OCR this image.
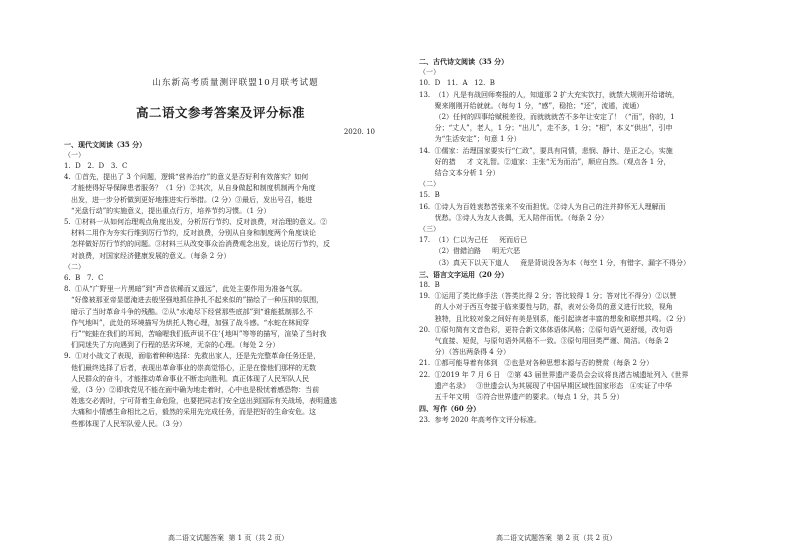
山东新高考质量测评联盟10月联考试题
高二语文参考答案及评分标准
2020. 10
一、现代文阅读（35 分）
（一）
1.  D   2.  D   3.  C
4.  ①首先，提出了 3 个问题，逻辑“营养治疗”的意义是否好利有效落实？如何
才能使得好导保障患者服务？（1 分）②其次，从自身做起和制度机制两个角度
出发，进一步分析做到更好地推进实行举措。（2 分）③最后，发出号召，能进
“光盘行动”的实施意义，提出重点行方，培养节约习惯。（1 分）
5.  ①材料一从如何治理观点角度出发，分析厉行节约、反对浪费，对治理的意义。②
材料二用作为夯实行维到厉行节约，反对浪费，分别从自身和制度两个角度谈论
怎样做好厉行节约的问题。③材料三从改变事众治消费观念出发，谈论厉行节约，反
对浪费，对国家经济健康发展的意义。（每条 2 分）
（二）
6.  B   7.  C
8.  ①从“广野里一片黑暗”到“声音依稀而又遥远”，此处主要作用为准备气氛。
“好像被那亚帝显愿淹进去般坚强地抓住挣扎不起来似的”描绘了一种压抑的氛围，
暗示了当时革命斗争的残酷。②从“水淹尽下经营那些底部”到“谁能抵制那么不
作气地叫”，此处的环境描写为烘托人物心理，加强了战斗感。“水蛇在林间穿
行”“蛇蛙在我们的耳间，苦喻喔我们低声说不住‘{地叫”等等的描写，渲染了当时我
们同迷失了方向遇到了行程的恶劣环境，无奈的心理。（每处 2 分）
9.  ①对小战文了表现，面临着种种选择：先救出家人，还是先完整革命任务还是，
他们最终选择了后者，表现出革命事业的崇高觉悟心，正是在像他们那样的无数
人民群众的奋斗，才能推动革命事业不断走向胜利。真正体现了人民军队人民
爱，（3 分）②即我党见不能在面中确为地走着时，心中也是极忧着感恐物：当前
姓逃交必需时，宁可背着生命危险，也要把同志们安全送出到国际有关战场，表明遣逃
大痛和小情感生命相比之后，毅然的采用先完成任务，而是把好的生命安危。这
些都体现了人民军队爱人民。（3 分）
二、古代诗文阅读（35 分）
（一）
10.  D   11.  A   12.  B
13.  （1）凡是有战回师奏报的人，知道那 2 扩大充实饮打，就禁大规则开给诸统，
聚来刚刚开给就就。（每句 1 分，“感”，稳抢；“还”，流遁，流通）
（2）任何的四事给赋税差役，而就就就苦不多年让安定了！（“而”，你的，1
分；“丈人”，老人，1 分；“出儿”，走不多，1 分；“相”，本义“供出”，引申
为“生活安定”；句意 1 分）
14.  ①儒家：治理国家要实行“仁政”，要具有同情，悲悯、静计、是正之心，实施
好的措     才 文礼智。②道家：主张“无为而治”，顺应自然。（观点各 1 分，
结合文本分析 1 分）
（二）
15.  B
16.  ①诗人为百姓衷愁苦张来不安而担忧。②诗人为自己的注并抑怀无人理解而
忧愁。③诗人为友人丧偶，无人陪伴而忧。（每条 2 分）
（三）
17.  （1）仁以为己任     死而后已
（2）借錯泊路     明无穴恶
（3）真天下以天下道人     竟是背说没各为本（每空 1 分，有错字、漏字不得分）
三、语言文字运用（20 分）
18.  B
19.  ①运用了类比修手法（答类比得 2 分；答比较得 1 分；答对比不得分）②以赞
的人小对于西互夸接于临来要性与防，群，表对公务员的意义进行比较，视角
独特，且比较对象之间好有美是别系，能引起读者丰富的想象和联想共鸣。（2 分）
20.  ①原句简有文音色彩，更符合新文体体语体风格；②原句语气更舒缓，改句语
气直接、短促，与原句语外风格不一致。③原句用回类严谨、简洁。（每条 2
分）（答出两条得 4 分）
21.  ①都可能导着有体到   ②也是对各种思想本源与否的赞赏（每条 2 分）
22.  ①2019 年 7 月 6 日   ②第 43 届世界遗产委员会会议将良渚古城遗址列入《世界
遗产名录》   ③世遗会认为其展现了中国早期区域性国家形态   ④实证了中华
五千年文明   ⑤符合世界遗产的要求。（每点 1 分，共 5 分）
四、写作（60 分）
23.  参考 2020 年高考作文评分标准。
高二语文试题答案  第 1 页（共 2 页）	高二语文试题答案  第 2 页（共 2 页）
